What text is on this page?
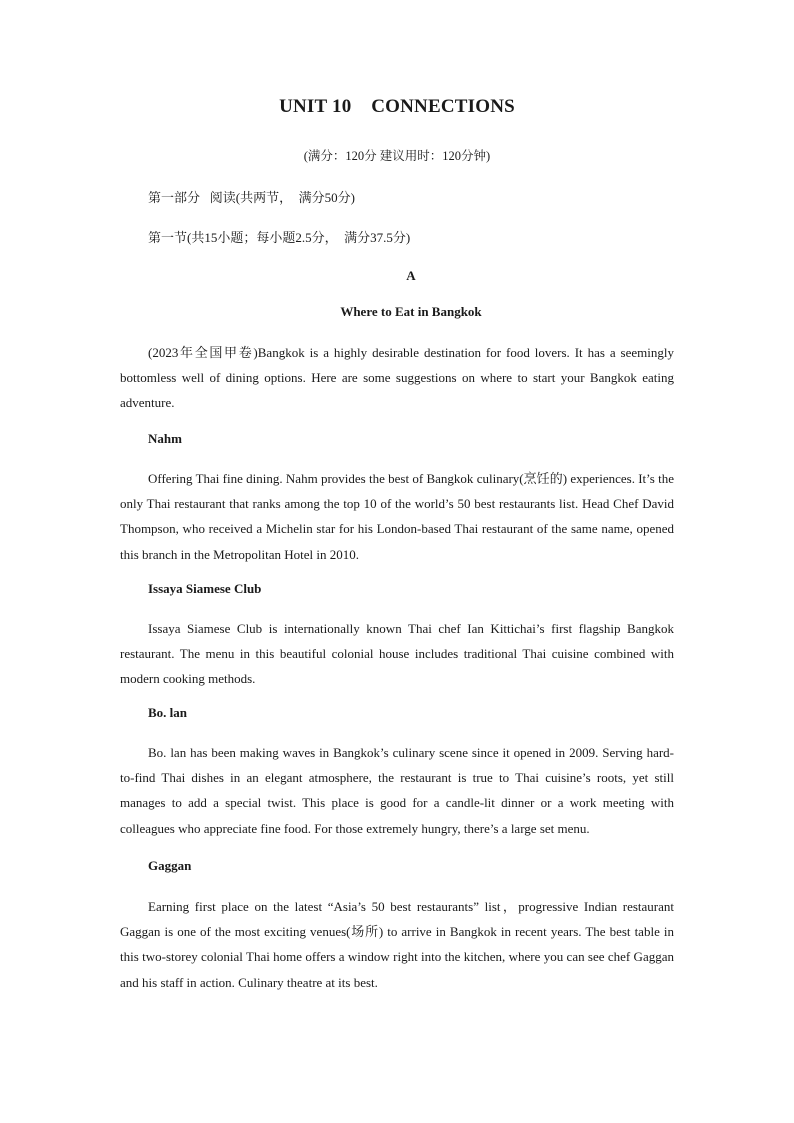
UNIT 10    CONNECTIONS
(满分：120分 建议用时：120分钟)
第一部分   阅读(共两节，  满分50分)
第一节(共15小题；每小题2.5分，  满分37.5分)
A
Where to Eat in Bangkok

(2023年全国甲卷)Bangkok is a highly desirable destination for food lovers. It has a seemingly bottomless well of dining options. Here are some suggestions on where to start your Bangkok eating adventure.

Nahm

Offering Thai fine dining. Nahm provides the best of Bangkok culinary(烹饪的) experiences. It’s the only Thai restaurant that ranks among the top 10 of the world’s 50 best restaurants list. Head Chef David Thompson, who received a Michelin star for his London-based Thai restaurant of the same name, opened this branch in the Metropolitan Hotel in 2010.

Issaya Siamese Club

Issaya Siamese Club is internationally known Thai chef Ian Kittichai’s first flagship Bangkok restaurant. The menu in this beautiful colonial house includes traditional Thai cuisine combined with modern cooking methods.

Bo. lan

Bo. lan has been making waves in Bangkok’s culinary scene since it opened in 2009. Serving hard-to-find Thai dishes in an elegant atmosphere, the restaurant is true to Thai cuisine’s roots, yet still manages to add a special twist. This place is good for a candle-lit dinner or a work meeting with colleagues who appreciate fine food. For those extremely hungry, there’s a large set menu.

Gaggan

Earning first place on the latest “Asia’s 50 best restaurants” list，progressive Indian restaurant Gaggan is one of the most exciting venues(场所) to arrive in Bangkok in recent years. The best table in this two-storey colonial Thai home offers a window right into the kitchen, where you can see chef Gaggan and his staff in action. Culinary theatre at its best.
